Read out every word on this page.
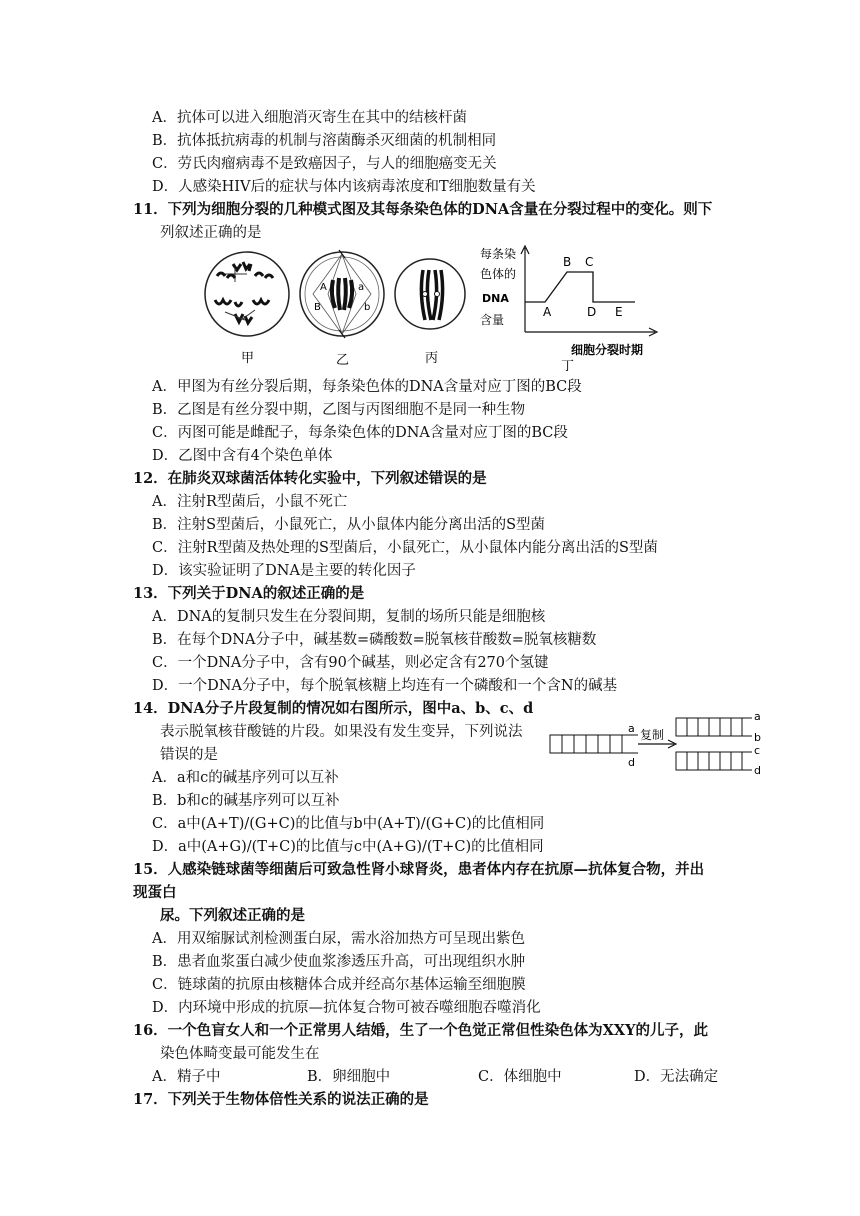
A．抗体可以进入细胞消灭寄生在其中的结核杆菌
B．抗体抵抗病毒的机制与溶菌酶杀灭细菌的机制相同
C．劳氏肉瘤病毒不是致癌因子，与人的细胞癌变无关
D．人感染HIV后的症状与体内该病毒浓度和T细胞数量有关
11．下列为细胞分裂的几种模式图及其每条染色体的DNA含量在分裂过程中的变化。则下
列叙述正确的是
A
B
a
b
甲	乙	丙
每条染
色体的
DNA
含量
A
B C
D E
细胞分裂时期
丁
A．甲图为有丝分裂后期，每条染色体的DNA含量对应丁图的BC段
B．乙图是有丝分裂中期，乙图与丙图细胞不是同一种生物
C．丙图可能是雌配子，每条染色体的DNA含量对应丁图的BC段
D．乙图中含有4个染色单体
12．在肺炎双球菌活体转化实验中，下列叙述错误的是
A．注射R型菌后，小鼠不死亡
B．注射S型菌后，小鼠死亡，从小鼠体内能分离出活的S型菌
C．注射R型菌及热处理的S型菌后，小鼠死亡，从小鼠体内能分离出活的S型菌
D．该实验证明了DNA是主要的转化因子
13．下列关于DNA的叙述正确的是
A．DNA的复制只发生在分裂间期，复制的场所只能是细胞核
B．在每个DNA分子中，碱基数=磷酸数=脱氧核苷酸数=脱氧核糖数
C．一个DNA分子中，含有90个碱基，则必定含有270个氢键
D．一个DNA分子中，每个脱氧核糖上均连有一个磷酸和一个含N的碱基
14．DNA分子片段复制的情况如右图所示，图中a、b、c、d
表示脱氧核苷酸链的片段。如果没有发生变异，下列说法
错误的是
a
d
复制
a
b
c
d
A．a和c的碱基序列可以互补
B．b和c的碱基序列可以互补
C．a中(A+T)/(G+C)的比值与b中(A+T)/(G+C)的比值相同
D．a中(A+G)/(T+C)的比值与c中(A+G)/(T+C)的比值相同
15．人感染链球菌等细菌后可致急性肾小球肾炎，患者体内存在抗原—抗体复合物，并出
现蛋白
尿。下列叙述正确的是
A．用双缩脲试剂检测蛋白尿，需水浴加热方可呈现出紫色
B．患者血浆蛋白减少使血浆渗透压升高，可出现组织水肿
C．链球菌的抗原由核糖体合成并经高尔基体运输至细胞膜
D．内环境中形成的抗原—抗体复合物可被吞噬细胞吞噬消化
16．一个色盲女人和一个正常男人结婚，生了一个色觉正常但性染色体为XXY的儿子，此
染色体畸变最可能发生在
A．精子中	B．卵细胞中	C．体细胞中	D．无法确定
17．下列关于生物体倍性关系的说法正确的是
